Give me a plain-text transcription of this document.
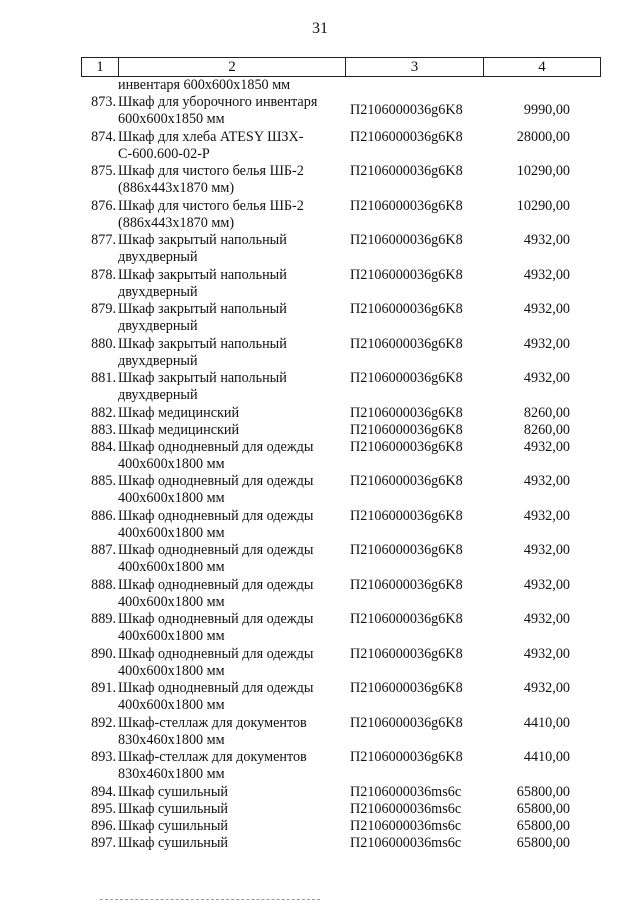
31
1	2	3	4
инвентаря 600х600х1850 мм
873. Шкаф для уборочного инвентаря 600х600х1850 мм
П2106000036g6K8	9990,00
874. Шкаф для хлеба ATESY ШЗХ-С-600.600-02-Р
П2106000036g6K8	28000,00
875. Шкаф для чистого белья ШБ-2 (886х443х1870 мм)
П2106000036g6K8	10290,00
876. Шкаф для чистого белья ШБ-2 (886х443х1870 мм)
П2106000036g6K8	10290,00
877. Шкаф закрытый напольный двухдверный
П2106000036g6K8	4932,00
878. Шкаф закрытый напольный двухдверный
П2106000036g6K8	4932,00
879. Шкаф закрытый напольный двухдверный
П2106000036g6K8	4932,00
880. Шкаф закрытый напольный двухдверный
П2106000036g6K8	4932,00
881. Шкаф закрытый напольный двухдверный
П2106000036g6K8	4932,00
882. Шкаф медицинский	П2106000036g6K8	8260,00
883. Шкаф медицинский	П2106000036g6K8	8260,00
884. Шкаф однодневный для одежды 400х600х1800 мм
П2106000036g6K8	4932,00
885. Шкаф однодневный для одежды 400х600х1800 мм
П2106000036g6K8	4932,00
886. Шкаф однодневный для одежды 400х600х1800 мм
П2106000036g6K8	4932,00
887. Шкаф однодневный для одежды 400х600х1800 мм
П2106000036g6K8	4932,00
888. Шкаф однодневный для одежды 400х600х1800 мм
П2106000036g6K8	4932,00
889. Шкаф однодневный для одежды 400х600х1800 мм
П2106000036g6K8	4932,00
890. Шкаф однодневный для одежды 400х600х1800 мм
П2106000036g6K8	4932,00
891. Шкаф однодневный для одежды 400х600х1800 мм
П2106000036g6K8	4932,00
892. Шкаф-стеллаж для документов 830х460х1800 мм
П2106000036g6K8	4410,00
893. Шкаф-стеллаж для документов 830х460х1800 мм
П2106000036g6K8	4410,00
894. Шкаф сушильный	П2106000036ms6c	65800,00
895. Шкаф сушильный	П2106000036ms6c	65800,00
896. Шкаф сушильный	П2106000036ms6c	65800,00
897. Шкаф сушильный	П2106000036ms6c	65800,00
